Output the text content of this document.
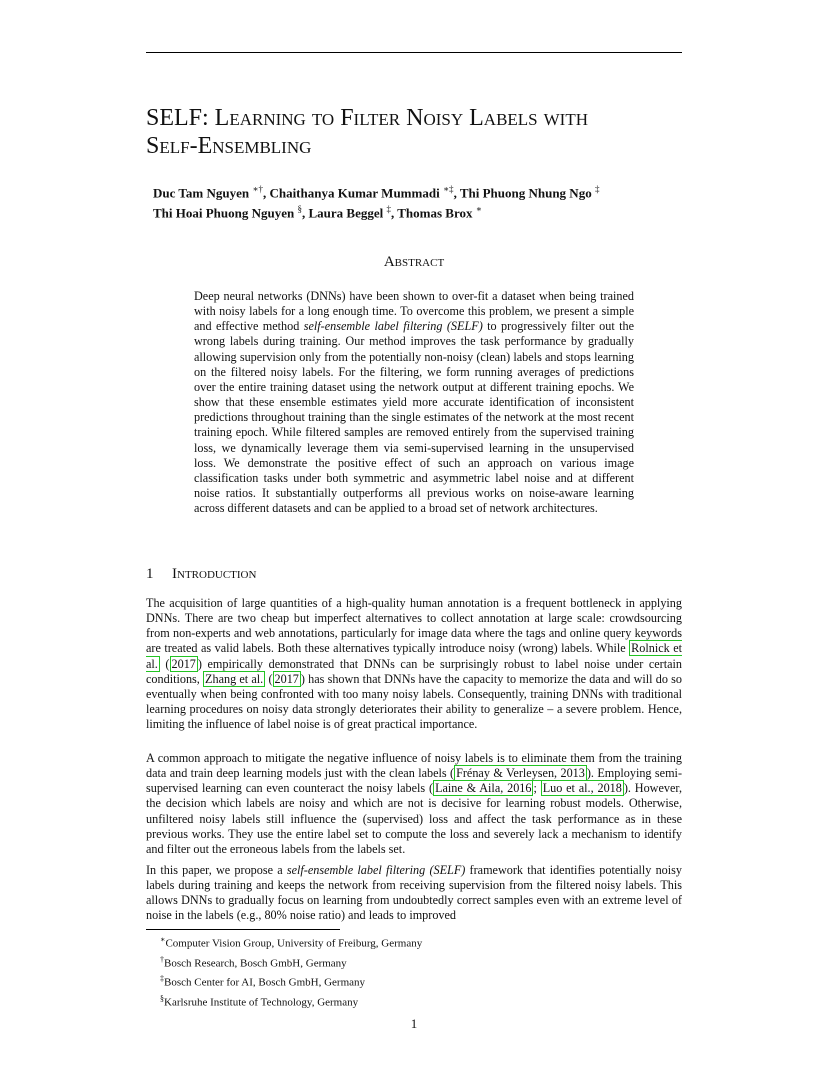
SELF: Learning to Filter Noisy Labels with
Self-Ensembling
Duc Tam Nguyen ∗†, Chaithanya Kumar Mummadi ∗‡, Thi Phuong Nhung Ngo ‡
Thi Hoai Phuong Nguyen §, Laura Beggel ‡, Thomas Brox ∗
Abstract

Deep neural networks (DNNs) have been shown to over-fit a dataset when being trained with noisy labels for a long enough time. To overcome this problem, we present a simple and effective method self-ensemble label filtering (SELF) to progressively filter out the wrong labels during training. Our method improves the task performance by gradually allowing supervision only from the potentially non-noisy (clean) labels and stops learning on the filtered noisy labels. For the filtering, we form running averages of predictions over the entire training dataset using the network output at different training epochs. We show that these ensemble estimates yield more accurate identification of inconsistent predictions throughout training than the single estimates of the network at the most recent training epoch. While filtered samples are removed entirely from the supervised training loss, we dynamically leverage them via semi-supervised learning in the unsupervised loss. We demonstrate the positive effect of such an approach on various image classification tasks under both symmetric and asymmetric label noise and at different noise ratios. It substantially outperforms all previous works on noise-aware learning across different datasets and can be applied to a broad set of network architectures.

1 Introduction

The acquisition of large quantities of a high-quality human annotation is a frequent bottleneck in applying DNNs. There are two cheap but imperfect alternatives to collect annotation at large scale: crowdsourcing from non-experts and web annotations, particularly for image data where the tags and online query keywords are treated as valid labels. Both these alternatives typically introduce noisy (wrong) labels. While Rolnick et al. ( 2017 ) empirically demonstrated that DNNs can be surprisingly robust to label noise under certain conditions, Zhang et al. ( 2017 ) has shown that DNNs have the capacity to memorize the data and will do so eventually when being confronted with too many noisy labels. Consequently, training DNNs with traditional learning procedures on noisy data strongly deteriorates their ability to generalize – a severe problem. Hence, limiting the influence of label noise is of great practical importance.

A common approach to mitigate the negative influence of noisy labels is to eliminate them from the training data and train deep learning models just with the clean labels ( Frénay & Verleysen, 2013 ). Employing semi-supervised learning can even counteract the noisy labels ( Laine & Aila, 2016 ; Luo et al., 2018 ). However, the decision which labels are noisy and which are not is decisive for learning robust models. Otherwise, unfiltered noisy labels still influence the (supervised) loss and affect the task performance as in these previous works. They use the entire label set to compute the loss and severely lack a mechanism to identify and filter out the erroneous labels from the labels set.

In this paper, we propose a self-ensemble label filtering (SELF) framework that identifies potentially noisy labels during training and keeps the network from receiving supervision from the filtered noisy labels. This allows DNNs to gradually focus on learning from undoubtedly correct samples even with an extreme level of noise in the labels (e.g., 80% noise ratio) and leads to improved

∗Computer Vision Group, University of Freiburg, Germany
†Bosch Research, Bosch GmbH, Germany
‡Bosch Center for AI, Bosch GmbH, Germany
§Karlsruhe Institute of Technology, Germany
1
